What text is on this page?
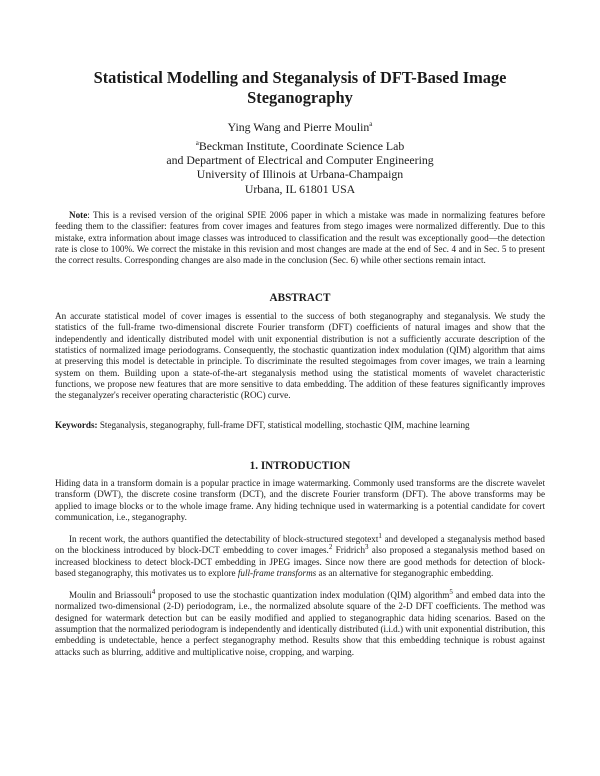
Statistical Modelling and Steganalysis of DFT-Based Image Steganography
Ying Wang and Pierre Moulin$^a$
$^a$Beckman Institute, Coordinate Science Lab
and Department of Electrical and Computer Engineering
University of Illinois at Urbana-Champaign
Urbana, IL 61801 USA

Note: This is a revised version of the original SPIE 2006 paper in which a mistake was made in normalizing features before feeding them to the classifier: features from cover images and features from stego images were normalized differently. Due to this mistake, extra information about image classes was introduced to classification and the result was exceptionally good—the detection rate is close to 100%. We correct the mistake in this revision and most changes are made at the end of Sec. 4 and in Sec. 5 to present the correct results. Corresponding changes are also made in the conclusion (Sec. 6) while other sections remain intact.

ABSTRACT

An accurate statistical model of cover images is essential to the success of both steganography and steganalysis. We study the statistics of the full-frame two-dimensional discrete Fourier transform (DFT) coefficients of natural images and show that the independently and identically distributed model with unit exponential distribution is not a sufficiently accurate description of the statistics of normalized image periodograms. Consequently, the stochastic quantization index modulation (QIM) algorithm that aims at preserving this model is detectable in principle. To discriminate the resulted stegoimages from cover images, we train a learning system on them. Building upon a state-of-the-art steganalysis method using the statistical moments of wavelet characteristic functions, we propose new features that are more sensitive to data embedding. The addition of these features significantly improves the steganalyzer's receiver operating characteristic (ROC) curve.

Keywords: Steganalysis, steganography, full-frame DFT, statistical modelling, stochastic QIM, machine learning

1. INTRODUCTION

Hiding data in a transform domain is a popular practice in image watermarking. Commonly used transforms are the discrete wavelet transform (DWT), the discrete cosine transform (DCT), and the discrete Fourier transform (DFT). The above transforms may be applied to image blocks or to the whole image frame. Any hiding technique used in watermarking is a potential candidate for covert communication, i.e., steganography.

In recent work, the authors quantified the detectability of block-structured stegotext$^1$ and developed a steganalysis method based on the blockiness introduced by block-DCT embedding to cover images.$^2$ Fridrich$^3$ also proposed a steganalysis method based on increased blockiness to detect block-DCT embedding in JPEG images. Since now there are good methods for detection of block-based steganography, this motivates us to explore full-frame transforms as an alternative for steganographic embedding.

Moulin and Briassouli$^4$ proposed to use the stochastic quantization index modulation (QIM) algorithm$^5$ and embed data into the normalized two-dimensional (2-D) periodogram, i.e., the normalized absolute square of the 2-D DFT coefficients. The method was designed for watermark detection but can be easily modified and applied to steganographic data hiding scenarios. Based on the assumption that the normalized periodogram is independently and identically distributed (i.i.d.) with unit exponential distribution, this embedding is undetectable, hence a perfect steganography method. Results show that this embedding technique is robust against attacks such as blurring, additive and multiplicative noise, cropping, and warping.
